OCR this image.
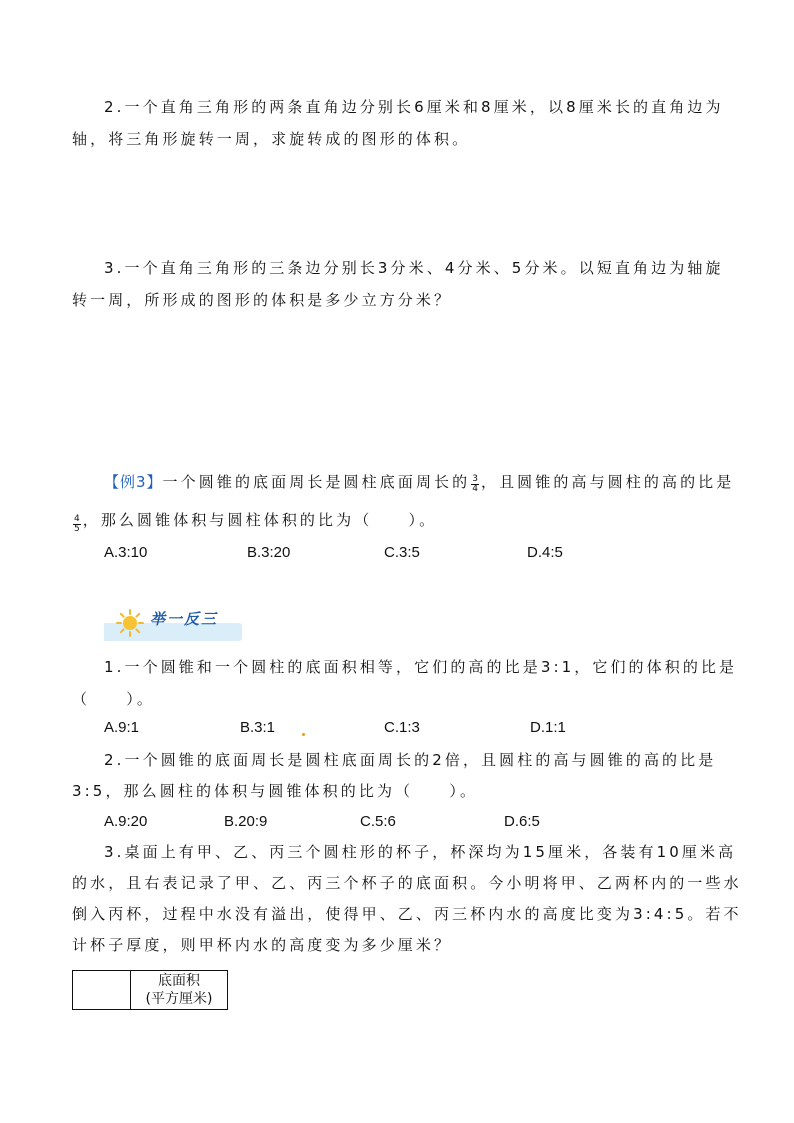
2.一个直角三角形的两条直角边分别长6厘米和8厘米，以8厘米长的直角边为
轴，将三角形旋转一周，求旋转成的图形的体积。
3.一个直角三角形的三条边分别长3分米、4分米、5分米。以短直角边为轴旋
转一周，所形成的图形的体积是多少立方分米？
【例3】一个圆锥的底面周长是圆柱底面周长的 $\frac{3}{4}$ ，且圆锥的高与圆柱的高的比是
$\frac{4}{5}$ ，那么圆锥体积与圆柱体积的比为（　　）。
A.3:10	B.3:20	C.3:5	D.4:5
举一反三
1.一个圆锥和一个圆柱的底面积相等，它们的高的比是3:1，它们的体积的比是
（　　）。
A.9:1	B.3:1	C.1:3	D.1:1
2.一个圆锥的底面周长是圆柱底面周长的2倍，且圆柱的高与圆锥的高的比是
3:5，那么圆柱的体积与圆锥体积的比为（　　）。
A.9:20	B.20:9	C.5:6	D.6:5
3.桌面上有甲、乙、丙三个圆柱形的杯子，杯深均为15厘米，各装有10厘米高
的水，且右表记录了甲、乙、丙三个杯子的底面积。今小明将甲、乙两杯内的一些水
倒入丙杯，过程中水没有溢出，使得甲、乙、丙三杯内水的高度比变为3:4:5。若不
计杯子厚度，则甲杯内水的高度变为多少厘米？

底面积
(平方厘米)
